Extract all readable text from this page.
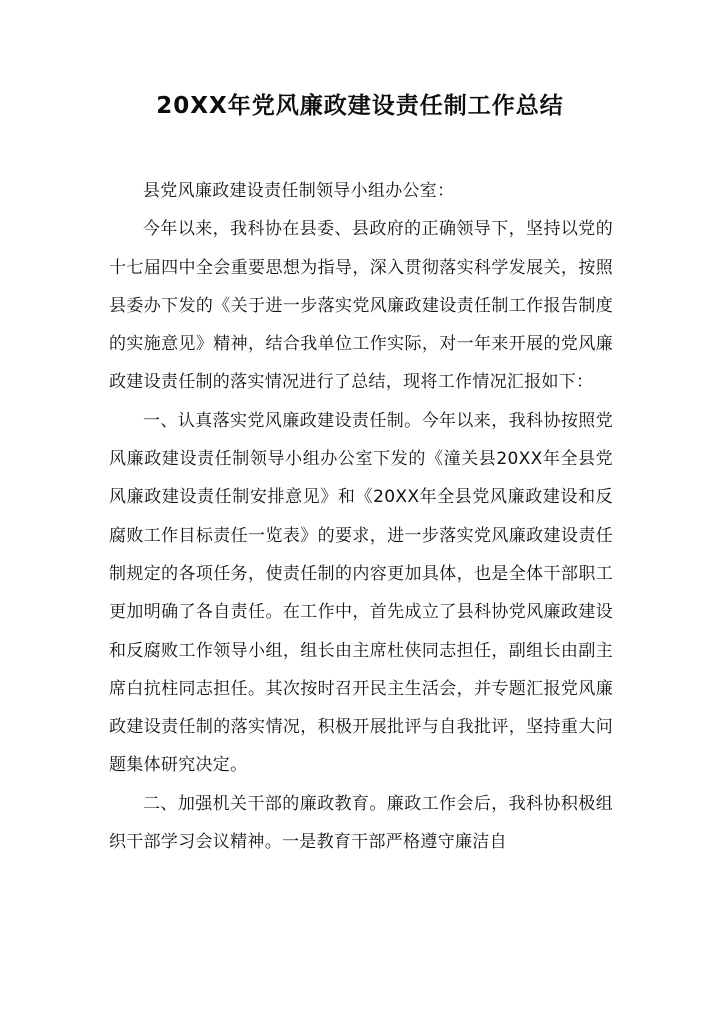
20XX年党风廉政建设责任制工作总结

县党风廉政建设责任制领导小组办公室：

今年以来，我科协在县委、县政府的正确领导下，坚持以党的十七届四中全会重要思想为指导，深入贯彻落实科学发展关，按照县委办下发的《关于进一步落实党风廉政建设责任制工作报告制度的实施意见》精神，结合我单位工作实际，对一年来开展的党风廉政建设责任制的落实情况进行了总结，现将工作情况汇报如下：

一、认真落实党风廉政建设责任制。今年以来，我科协按照党风廉政建设责任制领导小组办公室下发的《潼关县20XX年全县党风廉政建设责任制安排意见》和《20XX年全县党风廉政建设和反腐败工作目标责任一览表》的要求，进一步落实党风廉政建设责任制规定的各项任务，使责任制的内容更加具体，也是全体干部职工更加明确了各自责任。在工作中，首先成立了县科协党风廉政建设和反腐败工作领导小组，组长由主席杜侠同志担任，副组长由副主席白抗柱同志担任。其次按时召开民主生活会，并专题汇报党风廉政建设责任制的落实情况，积极开展批评与自我批评，坚持重大问题集体研究决定。

二、加强机关干部的廉政教育。廉政工作会后，我科协积极组织干部学习会议精神。一是教育干部严格遵守廉洁自
